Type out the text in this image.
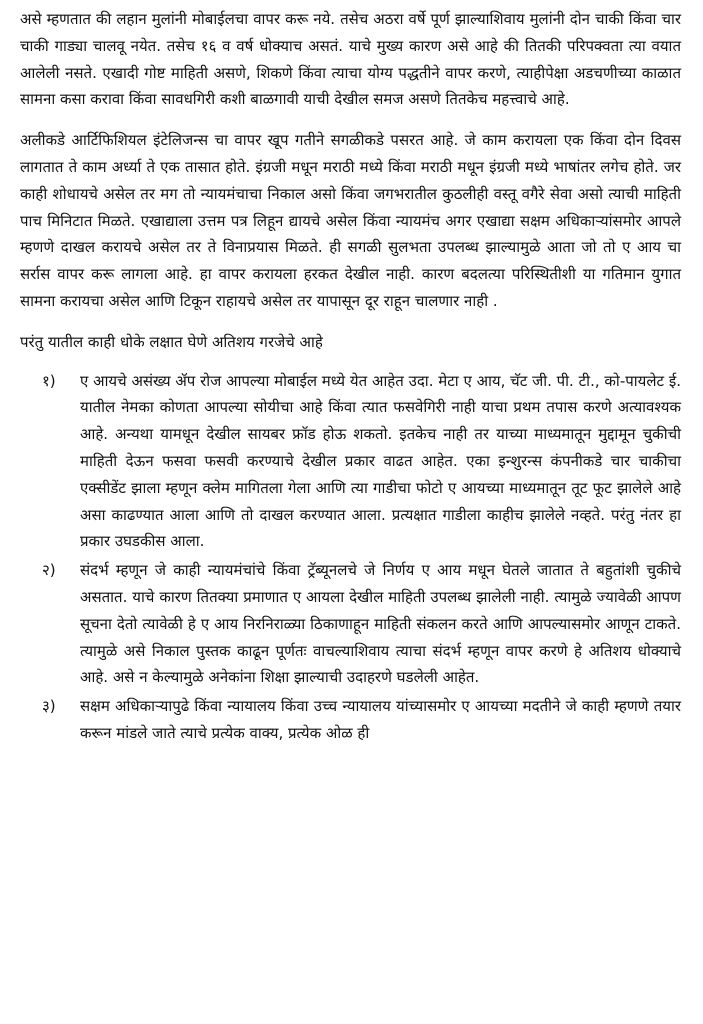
असे म्हणतात की लहान मुलांनी मोबाईलचा वापर करू नये. तसेच अठरा वर्षे पूर्ण झाल्याशिवाय मुलांनी दोन चाकी किंवा चार चाकी गाड्या चालवू नयेत. तसेच १६ व वर्ष धोक्याच असतं. याचे मुख्य कारण असे आहे की तितकी परिपक्वता त्या वयात आलेली नसते. एखादी गोष्ट माहिती असणे, शिकणे किंवा त्याचा योग्य पद्धतीने वापर करणे, त्याहीपेक्षा अडचणीच्या काळात सामना कसा करावा किंवा सावधगिरी कशी बाळगावी याची देखील समज असणे तितकेच महत्त्वाचे आहे.

अलीकडे आर्टिफिशियल इंटेलिजन्स चा वापर खूप गतीने सगळीकडे पसरत आहे. जे काम करायला एक किंवा दोन दिवस लागतात ते काम अर्ध्या ते एक तासात होते. इंग्रजी मधून मराठी मध्ये किंवा मराठी मधून इंग्रजी मध्ये भाषांतर लगेच होते. जर काही शोधायचे असेल तर मग तो न्यायमंचाचा निकाल असो किंवा जगभरातील कुठलीही वस्तू वगैरे सेवा असो त्याची माहिती पाच मिनिटात मिळते. एखाद्याला उत्तम पत्र लिहून द्यायचे असेल किंवा न्यायमंच अगर एखाद्या सक्षम अधिकाऱ्यांसमोर आपले म्हणणे दाखल करायचे असेल तर ते विनाप्रयास मिळते. ही सगळी सुलभता उपलब्ध झाल्यामुळे आता जो तो ए आय चा सर्रास वापर करू लागला आहे. हा वापर करायला हरकत देखील नाही. कारण बदलत्या परिस्थितीशी या गतिमान युगात सामना करायचा असेल आणि टिकून राहायचे असेल तर यापासून दूर राहून चालणार नाही .

परंतु यातील काही धोके लक्षात घेणे अतिशय गरजेचे आहे

१)	ए आयचे असंख्य ॲप रोज आपल्या मोबाईल मध्ये येत आहेत उदा. मेटा ए आय, चॅट जी. पी. टी., को-पायलेट ई. यातील नेमका कोणता आपल्या सोयीचा आहे किंवा त्यात फसवेगिरी नाही याचा प्रथम तपास करणे अत्यावश्यक आहे. अन्यथा यामधून देखील सायबर फ्रॉड होऊ शकतो. इतकेच नाही तर याच्या माध्यमातून मुद्दामून चुकीची माहिती देऊन फसवा फसवी करण्याचे देखील प्रकार वाढत आहेत. एका इन्शुरन्स कंपनीकडे चार चाकीचा एक्सीडेंट झाला म्हणून क्लेम मागितला गेला आणि त्या गाडीचा फोटो ए आयच्या माध्यमातून तूट फूट झालेले आहे असा काढण्यात आला आणि तो दाखल करण्यात आला. प्रत्यक्षात गाडीला काहीच झालेले नव्हते. परंतु नंतर हा प्रकार उघडकीस आला.
२)	संदर्भ म्हणून जे काही न्यायमंचांचे किंवा ट्रॅब्यूनलचे जे निर्णय ए आय मधून घेतले जातात ते बहुतांशी चुकीचे असतात. याचे कारण तितक्या प्रमाणात ए आयला देखील माहिती उपलब्ध झालेली नाही. त्यामुळे ज्यावेळी आपण सूचना देतो त्यावेळी हे ए आय निरनिराळ्या ठिकाणाहून माहिती संकलन करते आणि आपल्यासमोर आणून टाकते. त्यामुळे असे निकाल पुस्तक काढून पूर्णतः वाचल्याशिवाय त्याचा संदर्भ म्हणून वापर करणे हे अतिशय धोक्याचे आहे. असे न केल्यामुळे अनेकांना शिक्षा झाल्याची उदाहरणे घडलेली आहेत.
३)	सक्षम अधिकाऱ्यापुढे किंवा न्यायालय किंवा उच्च न्यायालय यांच्यासमोर ए आयच्या मदतीने जे काही म्हणणे तयार करून मांडले जाते त्याचे प्रत्येक वाक्य, प्रत्येक ओळ ही
